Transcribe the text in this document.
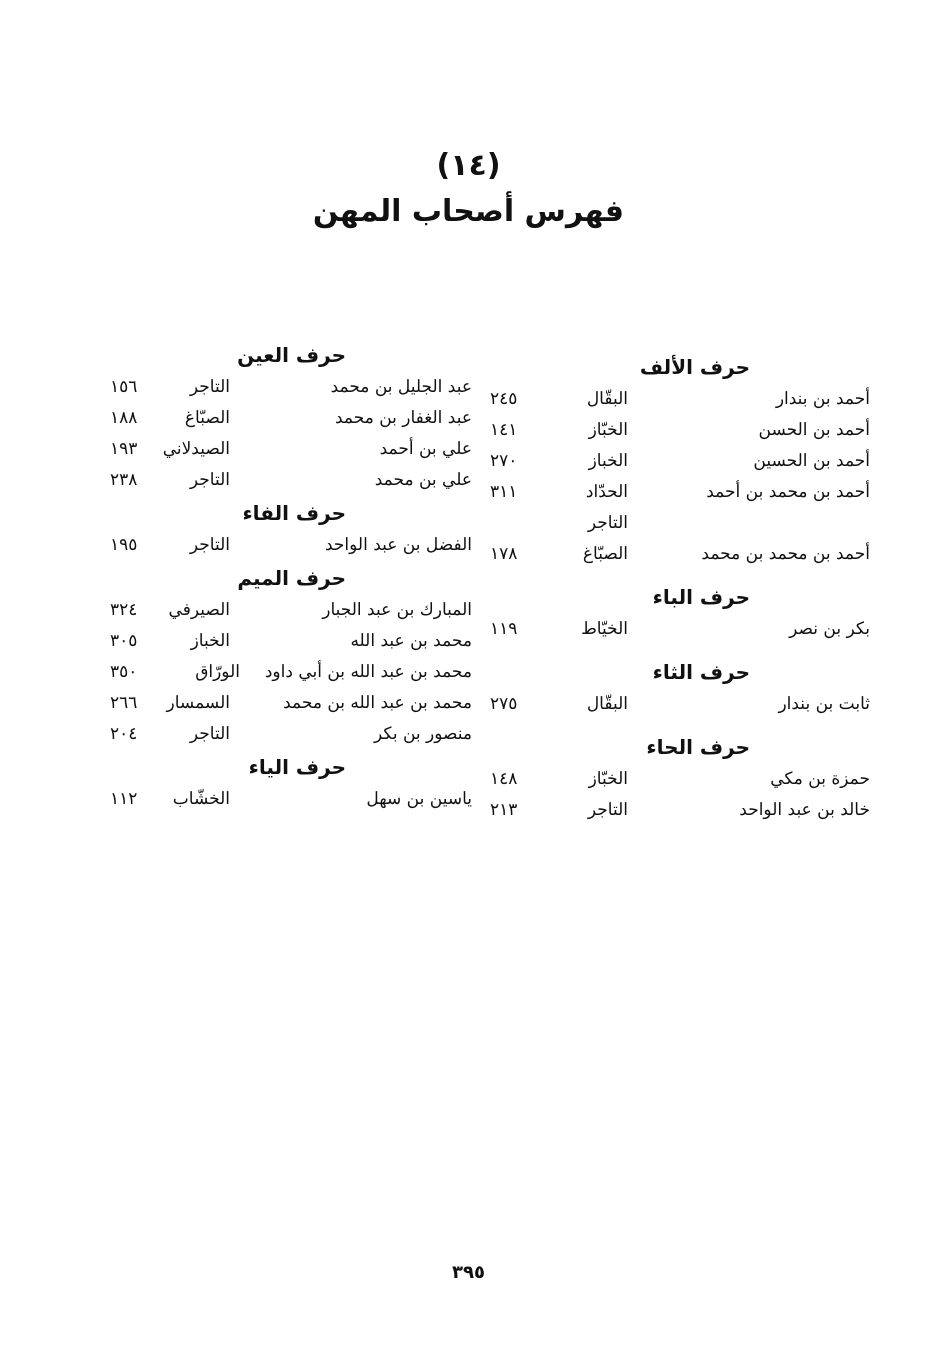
(١٤)
فهرس أصحاب المهن
حرف الألف
أحمد بن بندار
البقّال
٢٤٥
أحمد بن الحسن
الخبّاز
١٤١
أحمد بن الحسين
الخباز
٢٧٠
أحمد بن محمد بن أحمد
الحدّاد
التاجر
٣١١
أحمد بن محمد بن محمد
الصبّاغ
١٧٨
حرف الباء
بكر بن نصر
الخيّاط
١١٩
حرف الثاء
ثابت بن بندار
البقّال
٢٧٥
حرف الحاء
حمزة بن مكي
الخبّاز
١٤٨
خالد بن عبد الواحد
التاجر
٢١٣
حرف العين
عبد الجليل بن محمد
التاجر
١٥٦
عبد الغفار بن محمد
الصبّاغ
١٨٨
علي بن أحمد
الصيدلاني
١٩٣
علي بن محمد
التاجر
٢٣٨
حرف الفاء
الفضل بن عبد الواحد
التاجر
١٩٥
حرف الميم
المبارك بن عبد الجبار
الصيرفي
٣٢٤
محمد بن عبد الله
الخباز
٣٠٥
محمد بن عبد الله بن أبي داود
الورّاق
٣٥٠
محمد بن عبد الله بن محمد
السمسار
٢٦٦
منصور بن بكر
التاجر
٢٠٤
حرف الياء
ياسين بن سهل
الخشّاب
١١٢
٣٩٥
